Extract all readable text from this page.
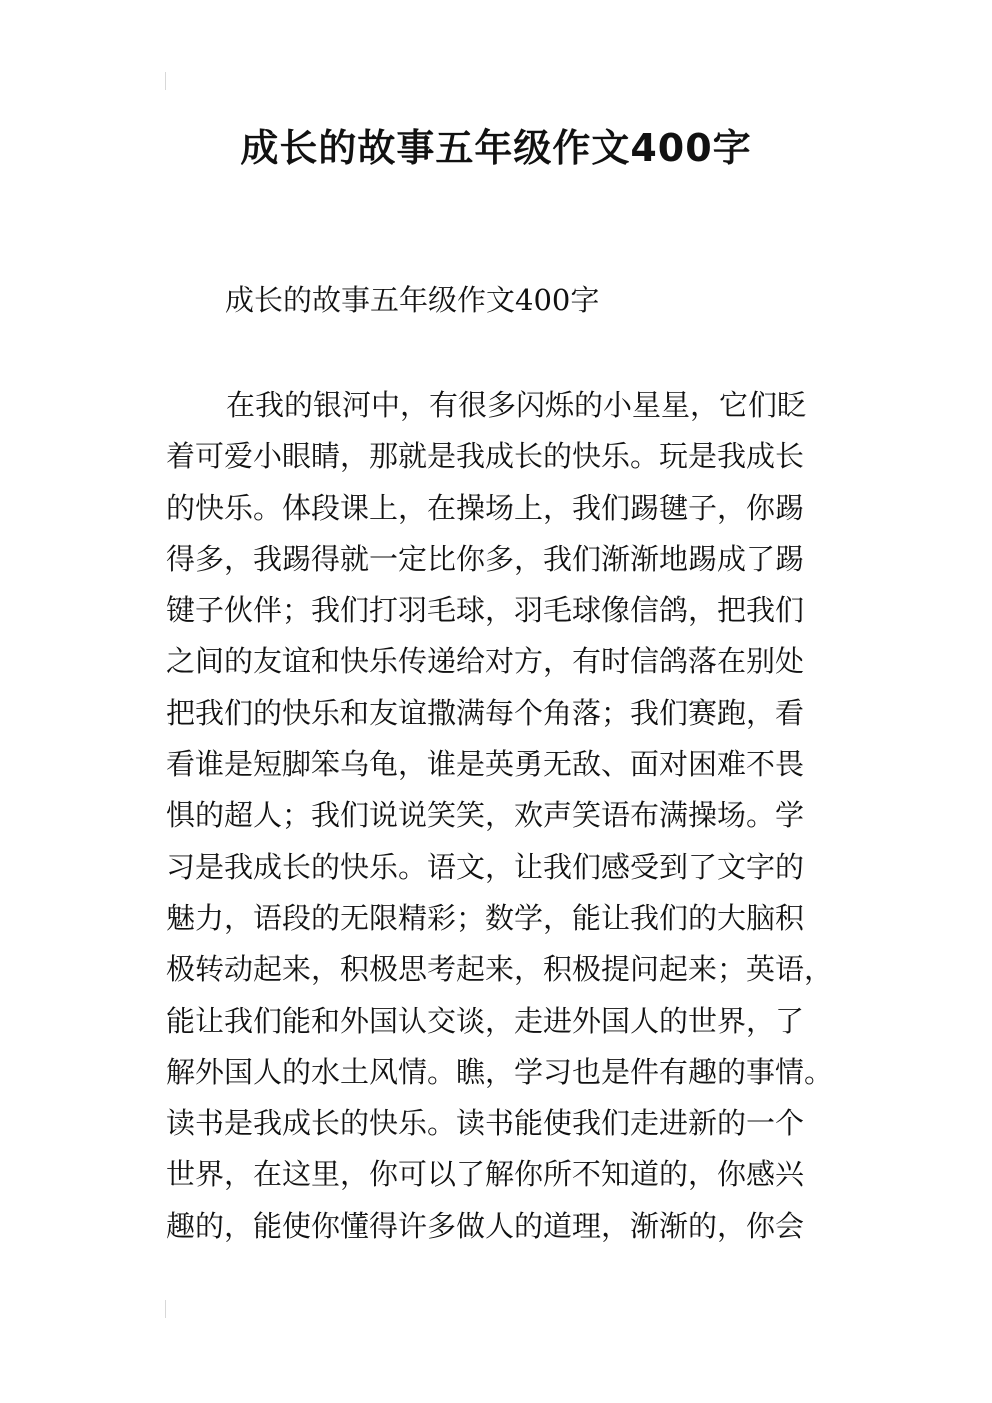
成长的故事五年级作文400字

成长的故事五年级作文400字

在我的银河中，有很多闪烁的小星星，它们眨
着可爱小眼睛，那就是我成长的快乐。玩是我成长
的快乐。体段课上，在操场上，我们踢毽子，你踢
得多，我踢得就一定比你多，我们渐渐地踢成了踢
键子伙伴；我们打羽毛球，羽毛球像信鸽，把我们
之间的友谊和快乐传递给对方，有时信鸽落在别处
把我们的快乐和友谊撒满每个角落；我们赛跑，看
看谁是短脚笨乌龟，谁是英勇无敌、面对困难不畏
惧的超人；我们说说笑笑，欢声笑语布满操场。学
习是我成长的快乐。语文，让我们感受到了文字的
魅力，语段的无限精彩；数学，能让我们的大脑积
极转动起来，积极思考起来，积极提问起来；英语，
能让我们能和外国认交谈，走进外国人的世界，了
解外国人的水土风情。瞧，学习也是件有趣的事情。
读书是我成长的快乐。读书能使我们走进新的一个
世界，在这里，你可以了解你所不知道的，你感兴
趣的，能使你懂得许多做人的道理，渐渐的，你会
